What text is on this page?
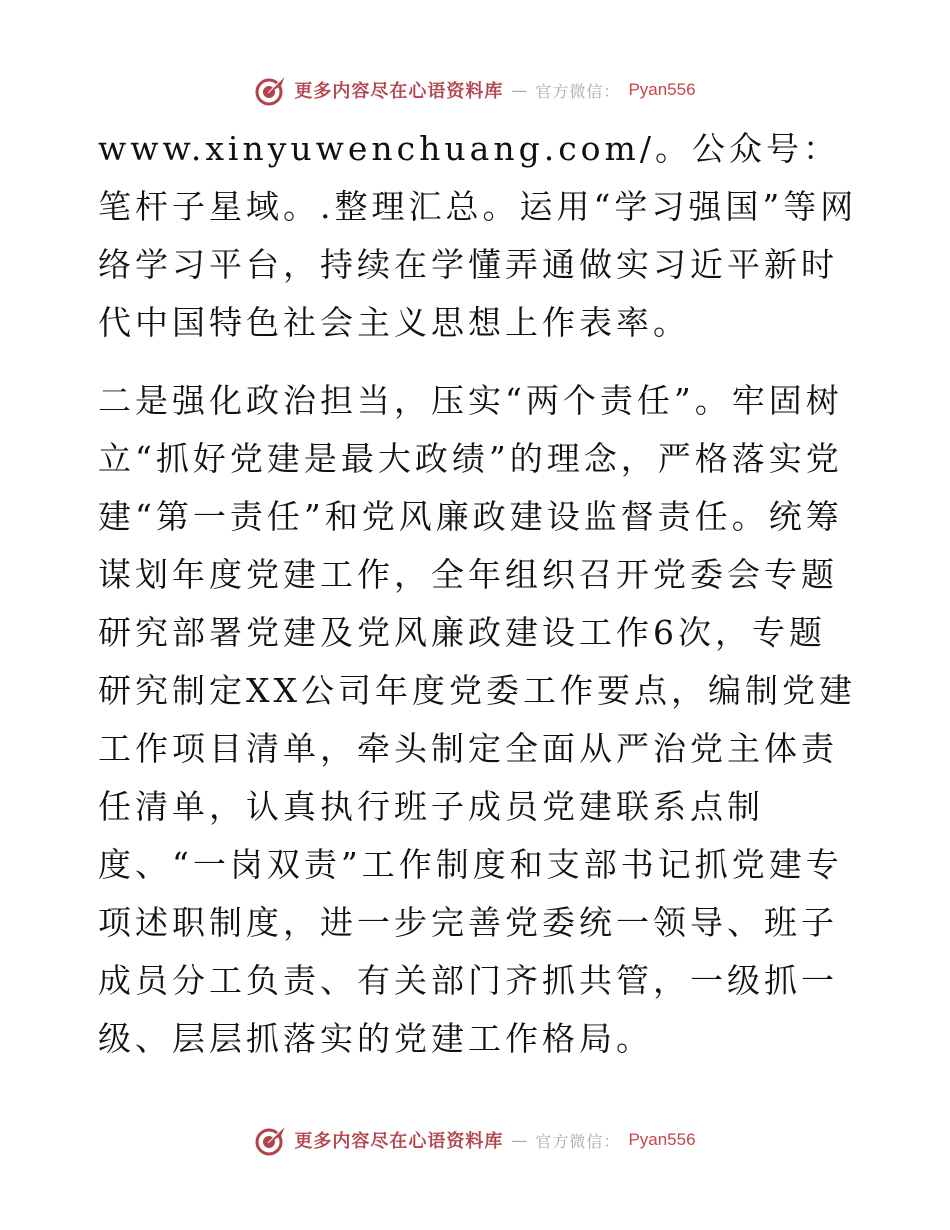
更多内容尽在心语资料库 — 官方微信： Pyan556

www.xinyuwenchuang.com/。公众号：笔杆子星域。.整理汇总。运用“学习强国”等网络学习平台，持续在学懂弄通做实习近平新时代中国特色社会主义思想上作表率。

二是强化政治担当，压实“两个责任”。牢固树立“抓好党建是最大政绩”的理念，严格落实党建“第一责任”和党风廉政建设监督责任。统筹谋划年度党建工作，全年组织召开党委会专题研究部署党建及党风廉政建设工作6次，专题研究制定XX公司年度党委工作要点，编制党建工作项目清单，牵头制定全面从严治党主体责任清单，认真执行班子成员党建联系点制度、“一岗双责”工作制度和支部书记抓党建专项述职制度，进一步完善党委统一领导、班子成员分工负责、有关部门齐抓共管，一级抓一级、层层抓落实的党建工作格局。

更多内容尽在心语资料库 — 官方微信： Pyan556
